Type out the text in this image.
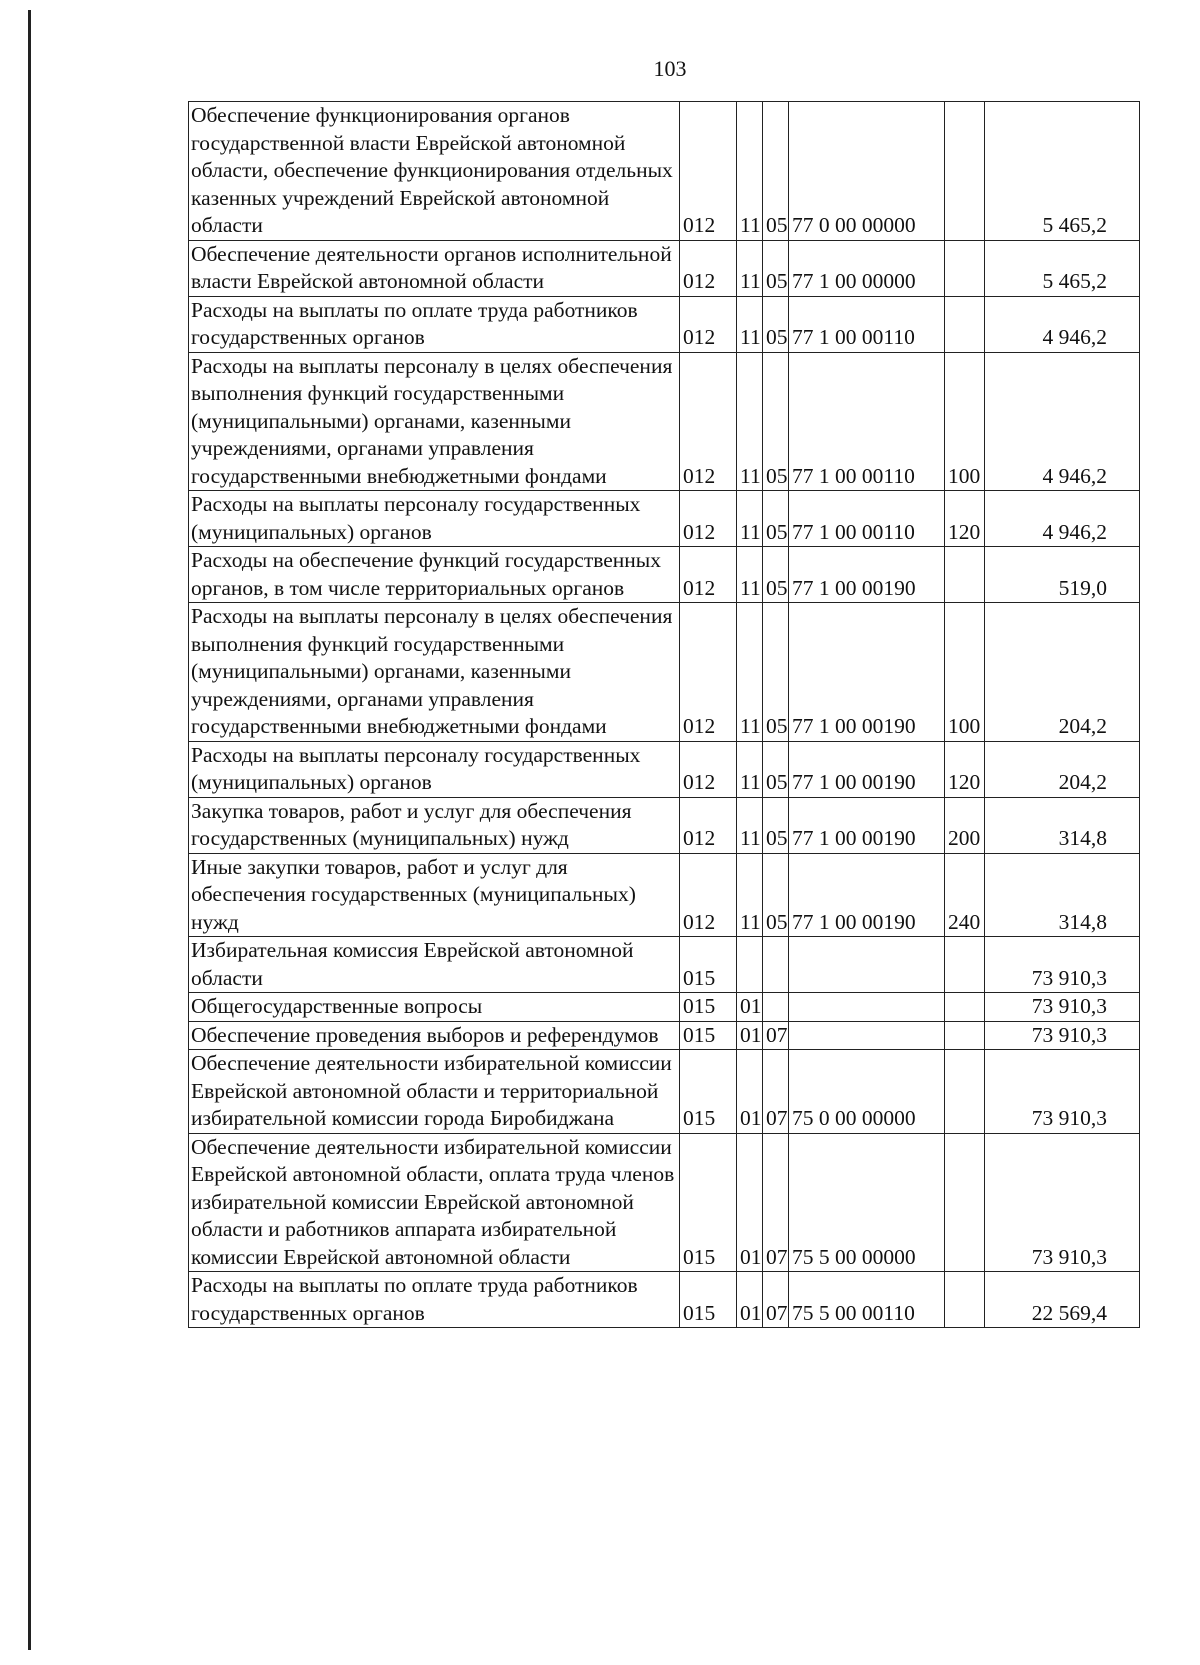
103
Обеспечение функционирования органов государственной власти Еврейской автономной области, обеспечение функционирования отдельных казенных учреждений Еврейской автономной области	012	11	05	77 0 00 00000		5 465,2
Обеспечение деятельности органов исполнительной власти Еврейской автономной области	012	11	05	77 1 00 00000		5 465,2
Расходы на выплаты по оплате труда работников государственных органов	012	11	05	77 1 00 00110		4 946,2
Расходы на выплаты персоналу в целях обеспечения выполнения функций государственными (муниципальными) органами, казенными учреждениями, органами управления государственными внебюджетными фондами	012	11	05	77 1 00 00110	100	4 946,2
Расходы на выплаты персоналу государственных (муниципальных) органов	012	11	05	77 1 00 00110	120	4 946,2
Расходы на обеспечение функций государственных органов, в том числе территориальных органов	012	11	05	77 1 00 00190		519,0
Расходы на выплаты персоналу в целях обеспечения выполнения функций государственными (муниципальными) органами, казенными учреждениями, органами управления государственными внебюджетными фондами	012	11	05	77 1 00 00190	100	204,2
Расходы на выплаты персоналу государственных (муниципальных) органов	012	11	05	77 1 00 00190	120	204,2
Закупка товаров, работ и услуг для обеспечения государственных (муниципальных) нужд	012	11	05	77 1 00 00190	200	314,8
Иные закупки товаров, работ и услуг для обеспечения государственных (муниципальных) нужд	012	11	05	77 1 00 00190	240	314,8
Избирательная комиссия Еврейской автономной области	015					73 910,3
Общегосударственные вопросы	015	01				73 910,3
Обеспечение проведения выборов и референдумов	015	01	07			73 910,3
Обеспечение деятельности избирательной комиссии Еврейской автономной области и территориальной избирательной комиссии города Биробиджана	015	01	07	75 0 00 00000		73 910,3
Обеспечение деятельности избирательной комиссии Еврейской автономной области, оплата труда членов избирательной комиссии Еврейской автономной области и работников аппарата избирательной комиссии Еврейской автономной области	015	01	07	75 5 00 00000		73 910,3
Расходы на выплаты по оплате труда работников государственных органов	015	01	07	75 5 00 00110		22 569,4
